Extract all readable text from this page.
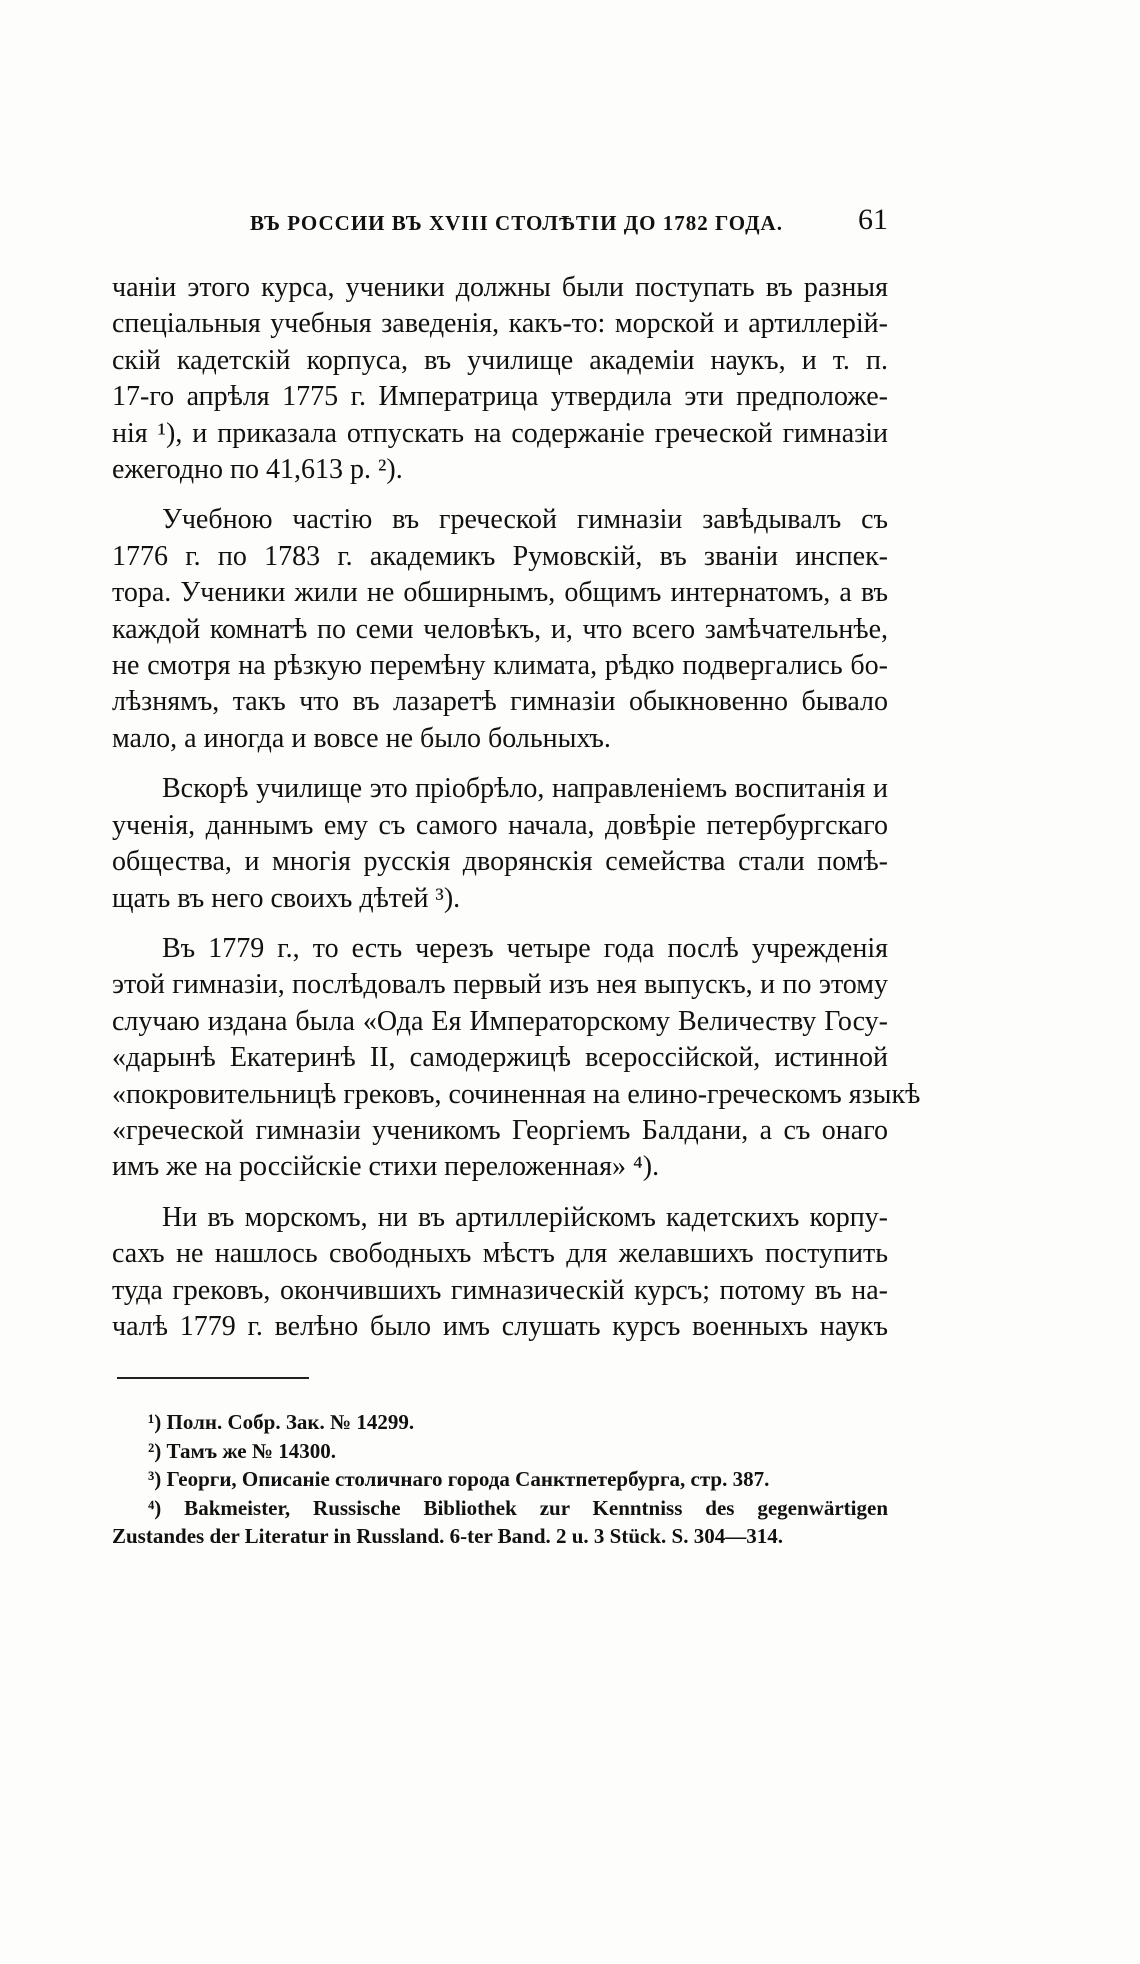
ВЪ РОССИИ ВЪ XVIII СТОЛѢТІИ ДО 1782 ГОДА.	61
чаніи этого курса, ученики должны были поступать въ разныя
спеціальныя учебныя заведенія, какъ-то: морской и артиллерій-
скій кадетскій корпуса, въ училище академіи наукъ, и т. п.
17-го апрѣля 1775 г. Императрица утвердила эти предположе-
нія ¹), и приказала отпускать на содержаніе греческой гимназіи
ежегодно по 41,613 р. ²).
Учебною частію въ греческой гимназіи завѣдывалъ съ
1776 г. по 1783 г. академикъ Румовскій, въ званіи инспек-
тора. Ученики жили не обширнымъ, общимъ интернатомъ, а въ
каждой комнатѣ по семи человѣкъ, и, что всего замѣчательнѣе,
не смотря на рѣзкую перемѣну климата, рѣдко подвергались бо-
лѣзнямъ, такъ что въ лазаретѣ гимназіи обыкновенно бывало
мало, а иногда и вовсе не было больныхъ.
Вскорѣ училище это пріобрѣло, направленіемъ воспитанія и
ученія, даннымъ ему съ самого начала, довѣріе петербургскаго
общества, и многія русскія дворянскія семейства стали помѣ-
щать въ него своихъ дѣтей ³).
Въ 1779 г., то есть черезъ четыре года послѣ учрежденія
этой гимназіи, послѣдовалъ первый изъ нея выпускъ, и по этому
случаю издана была «Ода Ея Императорскому Величеству Госу-
«дарынѣ Екатеринѣ II, самодержицѣ всероссійской, истинной
«покровительницѣ грековъ, сочиненная на елино-греческомъ языкѣ
«греческой гимназіи ученикомъ Георгіемъ Балдани, а съ онаго
имъ же на россійскіе стихи переложенная» ⁴).
Ни въ морскомъ, ни въ артиллерійскомъ кадетскихъ корпу-
сахъ не нашлось свободныхъ мѣстъ для желавшихъ поступить
туда грековъ, окончившихъ гимназическій курсъ; потому въ на-
чалѣ 1779 г. велѣно было имъ слушать курсъ военныхъ наукъ
¹) Полн. Собр. Зак. № 14299.
²) Тамъ же № 14300.
³) Георги, Описаніе столичнаго города Санктпетербурга, стр. 387.
⁴) Bakmeister, Russische Bibliothek zur Kenntniss des gegenwärtigen
Zustandes der Literatur in Russland. 6-ter Band. 2 u. 3 Stück. S. 304—314.
